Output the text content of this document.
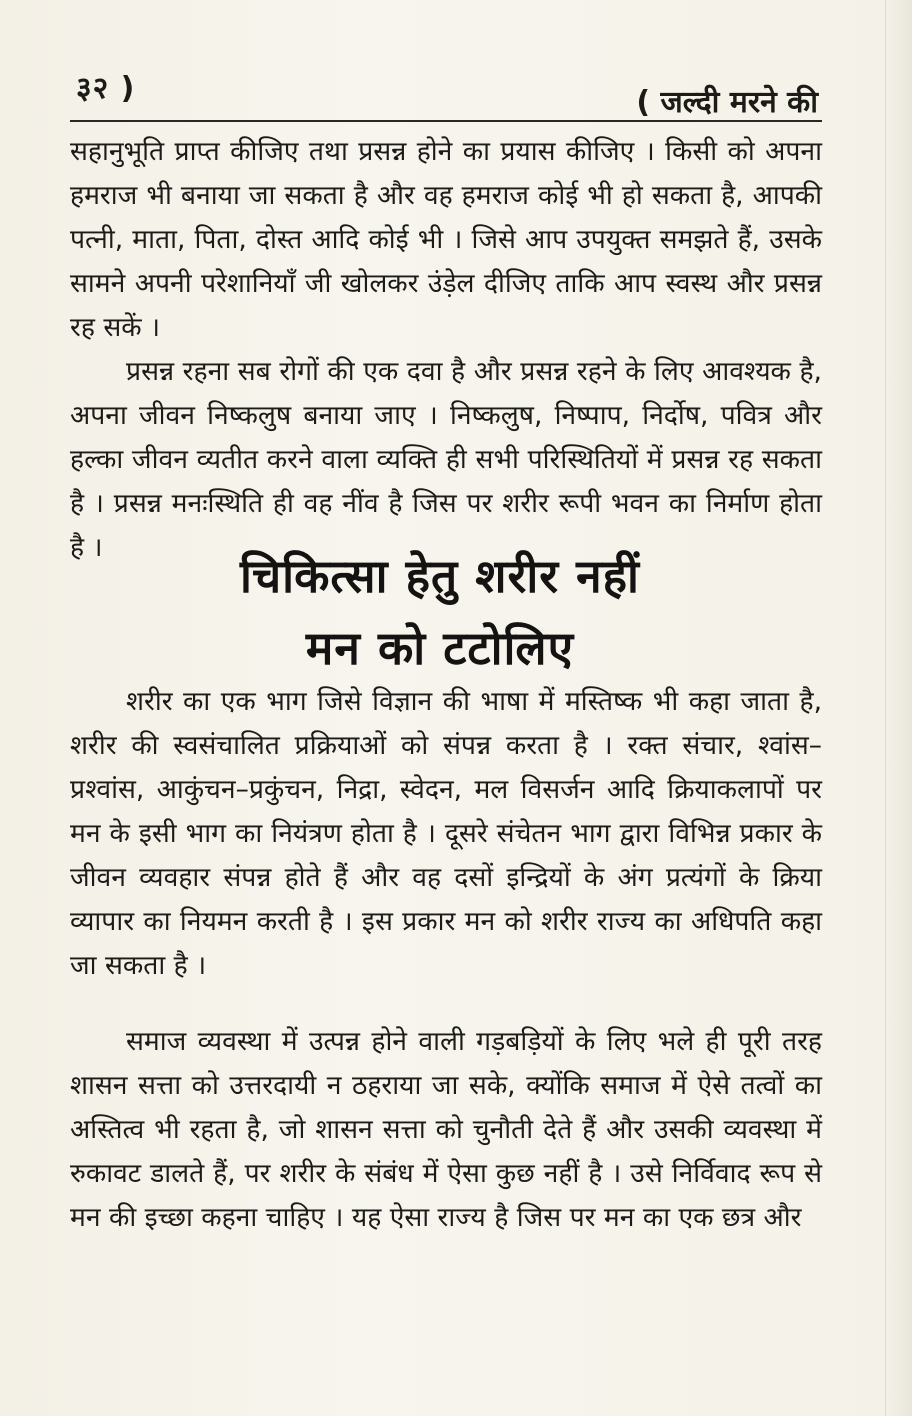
३२ )	( जल्दी मरने की

सहानुभूति प्राप्त कीजिए तथा प्रसन्न होने का प्रयास कीजिए । किसी को अपना हमराज भी बनाया जा सकता है और वह हमराज कोई भी हो सकता है, आपकी पत्नी, माता, पिता, दोस्त आदि कोई भी । जिसे आप उपयुक्त समझते हैं, उसके सामने अपनी परेशानियाँ जी खोलकर उंड़ेल दीजिए ताकि आप स्वस्थ और प्रसन्न रह सकें ।

प्रसन्न रहना सब रोगों की एक दवा है और प्रसन्न रहने के लिए आवश्यक है, अपना जीवन निष्कलुष बनाया जाए । निष्कलुष, निष्पाप, निर्दोष, पवित्र और हल्का जीवन व्यतीत करने वाला व्यक्ति ही सभी परिस्थितियों में प्रसन्न रह सकता है । प्रसन्न मनःस्थिति ही वह नींव है जिस पर शरीर रूपी भवन का निर्माण होता है ।

चिकित्सा हेतु शरीर नहीं
मन को टटोलिए

शरीर का एक भाग जिसे विज्ञान की भाषा में मस्तिष्क भी कहा जाता है, शरीर की स्वसंचालित प्रक्रियाओं को संपन्न करता है । रक्त संचार, श्वांस–प्रश्वांस, आकुंचन–प्रकुंचन, निद्रा, स्वेदन, मल विसर्जन आदि क्रियाकलापों पर मन के इसी भाग का नियंत्रण होता है । दूसरे संचेतन भाग द्वारा विभिन्न प्रकार के जीवन व्यवहार संपन्न होते हैं और वह दसों इन्द्रियों के अंग प्रत्यंगों के क्रिया व्यापार का नियमन करती है । इस प्रकार मन को शरीर राज्य का अधिपति कहा जा सकता है ।

समाज व्यवस्था में उत्पन्न होने वाली गड़बड़ियों के लिए भले ही पूरी तरह शासन सत्ता को उत्तरदायी न ठहराया जा सके, क्योंकि समाज में ऐसे तत्वों का अस्तित्व भी रहता है, जो शासन सत्ता को चुनौती देते हैं और उसकी व्यवस्था में रुकावट डालते हैं, पर शरीर के संबंध में ऐसा कुछ नहीं है । उसे निर्विवाद रूप से मन की इच्छा कहना चाहिए । यह ऐसा राज्य है जिस पर मन का एक छत्र और
